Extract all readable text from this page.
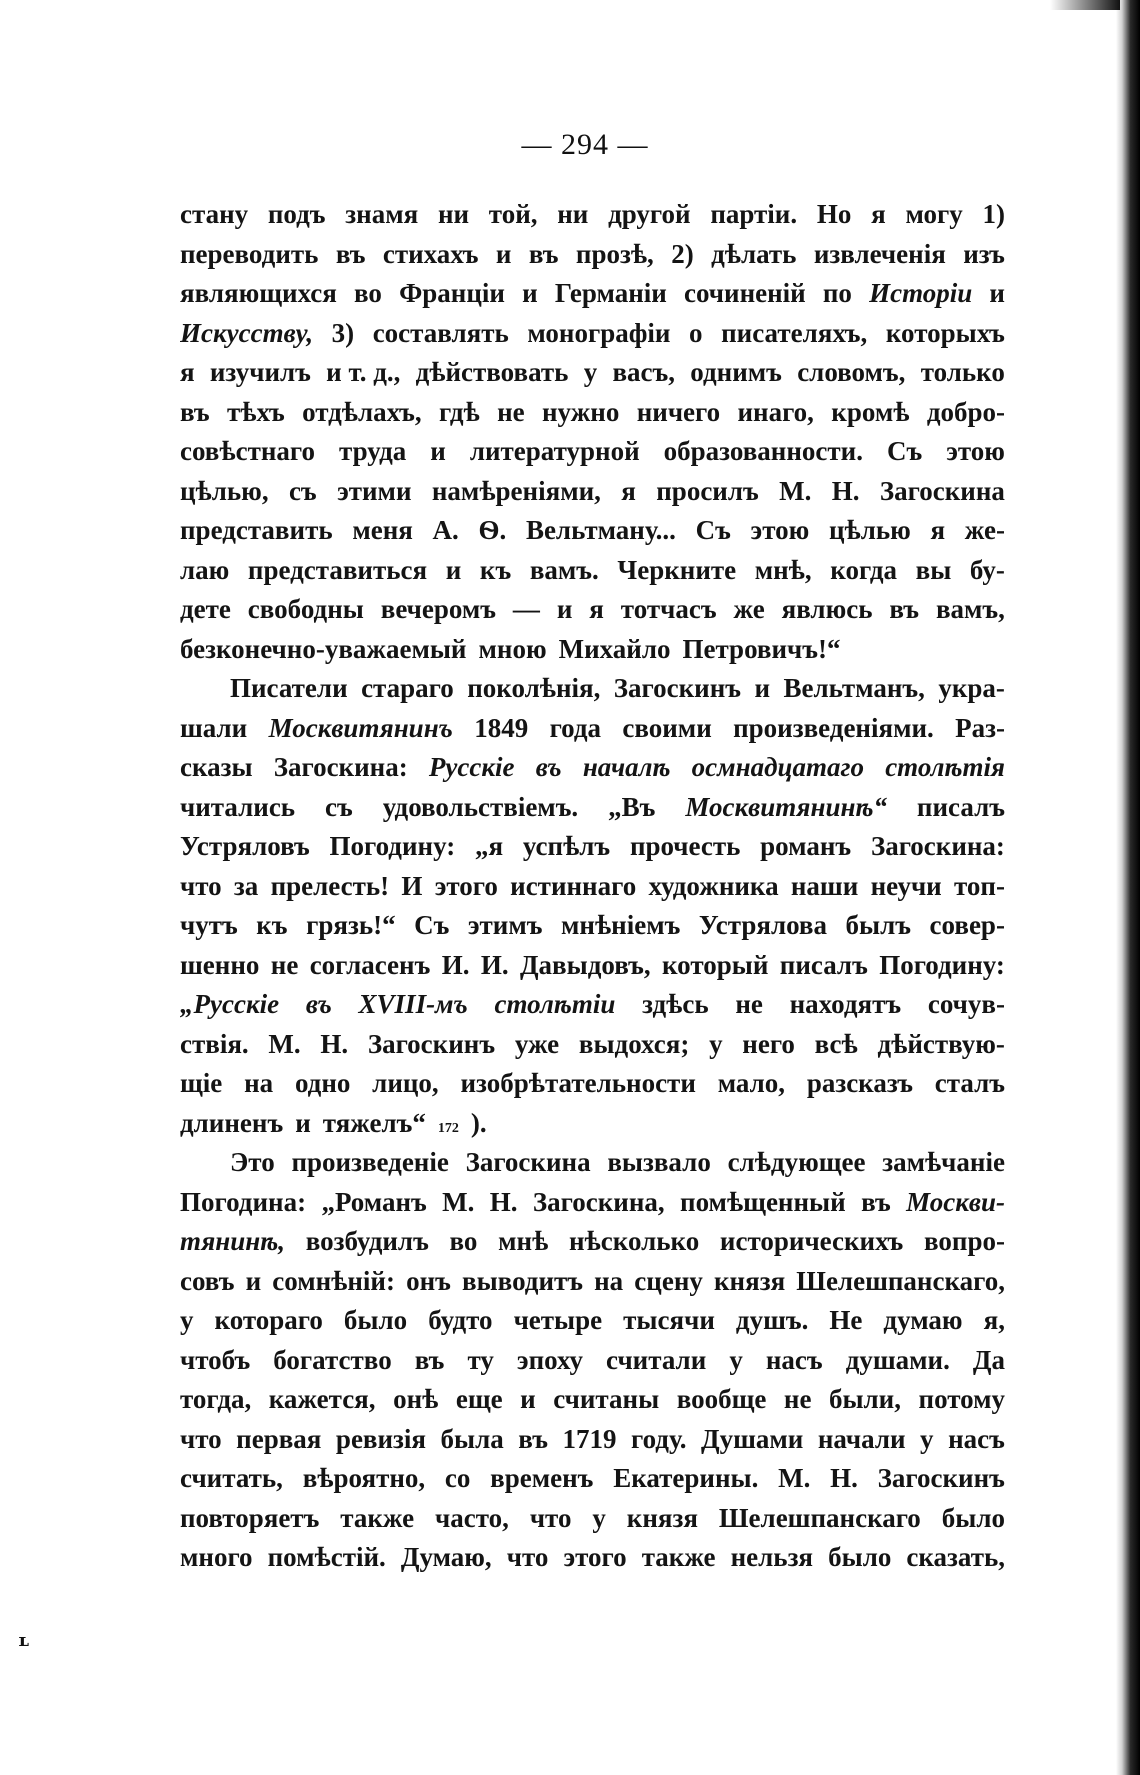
— 294 —
стану подъ знамя ни той, ни другой партіи. Но я могу 1)
переводить въ стихахъ и въ прозѣ, 2) дѣлать извлеченія изъ
являющихся во Франціи и Германіи сочиненій по Исторіи и
Искусству, 3) составлять монографіи о писателяхъ, которыхъ
я изучилъ и т. д., дѣйствовать у васъ, однимъ словомъ, только
въ тѣхъ отдѣлахъ, гдѣ не нужно ничего инаго, кромѣ добро-
совѣстнаго труда и литературной образованности. Съ этою
цѣлью, съ этими намѣреніями, я просилъ М. Н. Загоскина
представить меня А. Ѳ. Вельтману... Съ этою цѣлью я же-
лаю представиться и къ вамъ. Черкните мнѣ, когда вы бу-
дете свободны вечеромъ — и я тотчасъ же явлюсь въ вамъ,
безконечно-уважаемый мною Михайло Петровичъ!“
Писатели стараго поколѣнія, Загоскинъ и Вельтманъ, укра-
шали Москвитянинъ 1849 года своими произведеніями. Раз-
сказы Загоскина: Русскіе въ началѣ осмнадцатаго столѣтія
читались съ удовольствіемъ. „Въ Москвитянинѣ“ писалъ
Устряловъ Погодину: „я успѣлъ прочесть романъ Загоскина:
что за прелесть! И этого истиннаго художника наши неучи топ-
чутъ къ грязь!“ Съ этимъ мнѣніемъ Устрялова былъ совер-
шенно не согласенъ И. И. Давыдовъ, который писалъ Погодину:
„Русскіе въ XVIII-мъ столѣтіи здѣсь не находятъ сочув-
ствія. М. Н. Загоскинъ уже выдохся; у него всѣ дѣйствую-
щіе на одно лицо, изобрѣтательности мало, разсказъ сталъ
длиненъ и тяжелъ“ 172 ).
Это произведеніе Загоскина вызвало слѣдующее замѣчаніе
Погодина: „Романъ М. Н. Загоскина, помѣщенный въ Москви-
тянинѣ, возбудилъ во мнѣ нѣсколько историческихъ вопро-
совъ и сомнѣній: онъ выводитъ на сцену князя Шелешпанскаго,
у котораго было будто четыре тысячи душъ. Не думаю я,
чтобъ богатство въ ту эпоху считали у насъ душами. Да
тогда, кажется, онѣ еще и считаны вообще не были, потому
что первая ревизія была въ 1719 году. Душами начали у насъ
считать, вѣроятно, со временъ Екатерины. М. Н. Загоскинъ
повторяетъ также часто, что у князя Шелешпанскаго было
много помѣстій. Думаю, что этого также нельзя было сказать,
ʟ
